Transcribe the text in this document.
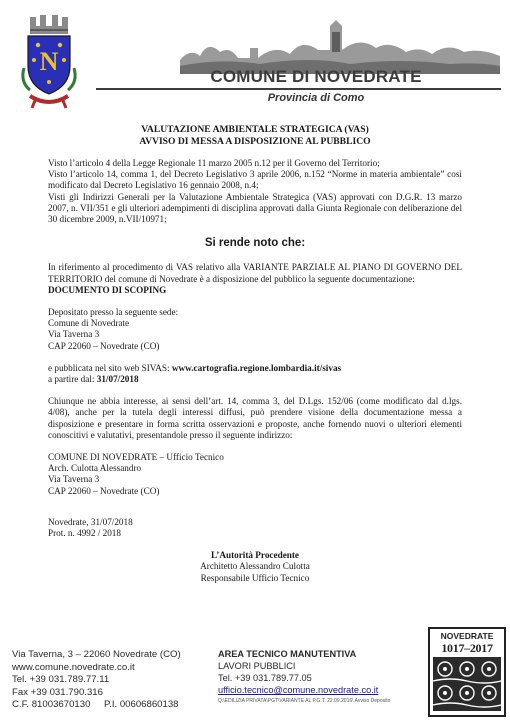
N
COMUNE DI NOVEDRATE
Provincia di Como

VALUTAZIONE AMBIENTALE STRATEGICA (VAS)

AVVISO DI MESSA A DISPOSIZIONE AL PUBBLICO

Visto l’articolo 4 della Legge Regionale 11 marzo 2005 n.12 per il Governo del Territorio;

Visto l’articolo 14, comma 1, del Decreto Legislativo 3 aprile 2006, n.152 “Norme in materia ambientale” così modificato dal Decreto Legislativo 16 gennaio 2008, n.4;

Visti gli Indirizzi Generali per la Valutazione Ambientale Strategica (VAS) approvati con D.G.R. 13 marzo 2007, n. VII/351 e gli ulteriori adempimenti di disciplina approvati dalla Giunta Regionale con deliberazione del 30 dicembre 2009, n.VII/10971;

Si rende noto che:

In riferimento al procedimento di VAS relativo alla VARIANTE PARZIALE AL PIANO DI GOVERNO DEL TERRITORIO del comune di Novedrate è a disposizione del pubblico la seguente documentazione:

DOCUMENTO DI SCOPING

Depositato presso la seguente sede:

Comune di Novedrate

Via Taverna 3

CAP 22060 – Novedrate (CO)

e pubblicata nel sito web SIVAS: www.cartografia.regione.lombardia.it/sivas

a partire dal: 31/07/2018

Chiunque ne abbia interesse, ai sensi dell’art. 14, comma 3, del D.Lgs. 152/06 (come modificato dal d.lgs. 4/08), anche per la tutela degli interessi diffusi, può prendere visione della documentazione messa a disposizione e presentare in forma scritta osservazioni e proposte, anche fornendo nuovi o ulteriori elementi conoscitivi e valutativi, presentandole presso il seguente indirizzo:

COMUNE DI NOVEDRATE – Ufficio Tecnico

Arch. Culotta Alessandro

Via Taverna 3

CAP 22060 – Novedrate (CO)

Novedrate, 31/07/2018

Prot. n. 4992 / 2018

L’Autorità Procedente

Architetto Alessandro Culotta

Responsabile Ufficio Tecnico

Via Taverna, 3 – 22060 Novedrate (CO)
www.comune.novedrate.co.it
Tel. +39 031.789.77.11
Fax +39 031.790.316
C.F. 81003670130 P.I. 00606860138
AREA TECNICO MANUTENTIVA
LAVORI PUBBLICI
Tel. +39 031.789.77.05
ufficio.tecnico@comune.novedrate.co.it
Q:\EDILIZIA PRIVATA\PGT\VARIANTE AL P.G.T. 22.09.2016\ Avviso Deposito
NOVEDRATE
1017–2017
